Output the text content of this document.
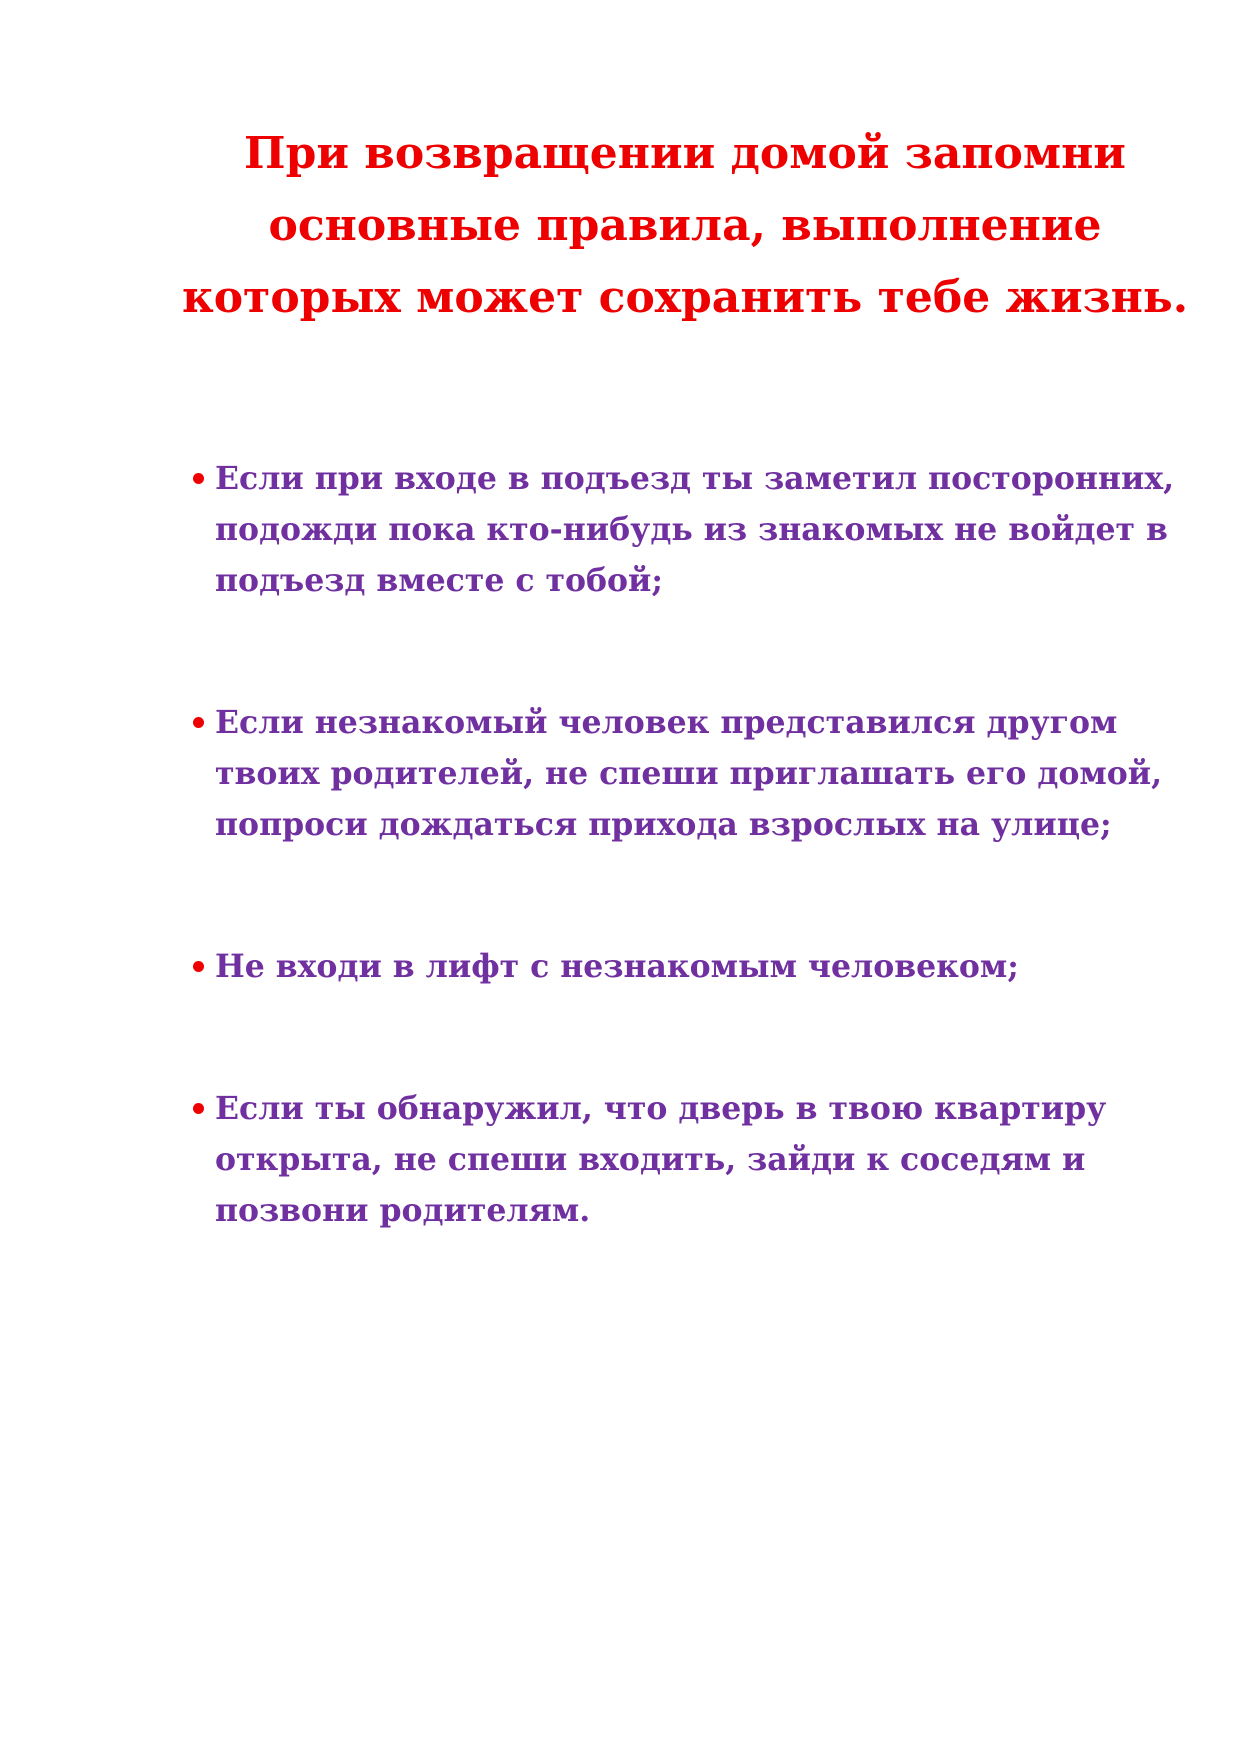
При возвращении домой запомни
основные правила, выполнение
которых может сохранить тебе жизнь.
Если при входе в подъезд ты заметил посторонних,
подожди пока кто-нибудь из знакомых не войдет в
подъезд вместе с тобой;
Если незнакомый человек представился другом
твоих родителей, не спеши приглашать его домой,
попроси дождаться прихода взрослых на улице;
Не входи в лифт с незнакомым человеком;
Если ты обнаружил, что дверь в твою квартиру
открыта, не спеши входить, зайди к соседям и
позвони родителям.
